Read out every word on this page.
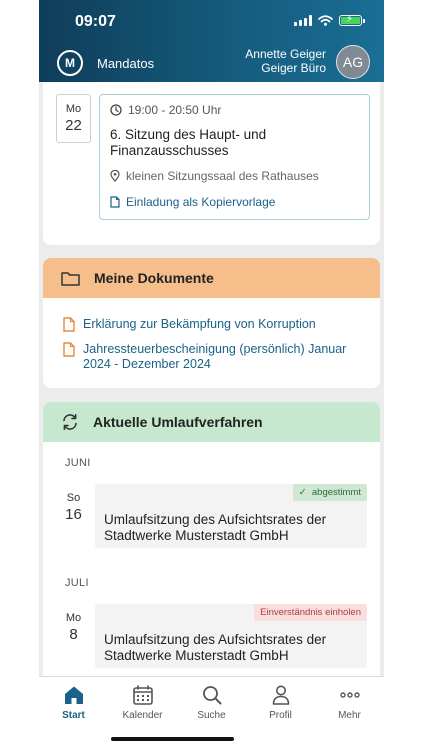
09:07	⚡
M	Mandatos
Annette Geiger
Geiger Büro	AG
Mo
22
19:00 - 20:50 Uhr
6. Sitzung des Haupt- und Finanzausschusses
kleinen Sitzungssaal des Rathauses
Einladung als Kopiervorlage
Meine Dokumente
Erklärung zur Bekämpfung von Korruption
Jahressteuerbescheinigung (persönlich) Januar 2024 - Dezember 2024
Aktuelle Umlaufverfahren
JUNI
So
16
✓  abgestimmt
Umlaufsitzung des Aufsichtsrates der Stadtwerke Musterstadt GmbH
JULI
Mo
8
Einverständnis einholen
Umlaufsitzung des Aufsichtsrates der Stadtwerke Musterstadt GmbH
Start	Kalender	Suche	Profil	Mehr
